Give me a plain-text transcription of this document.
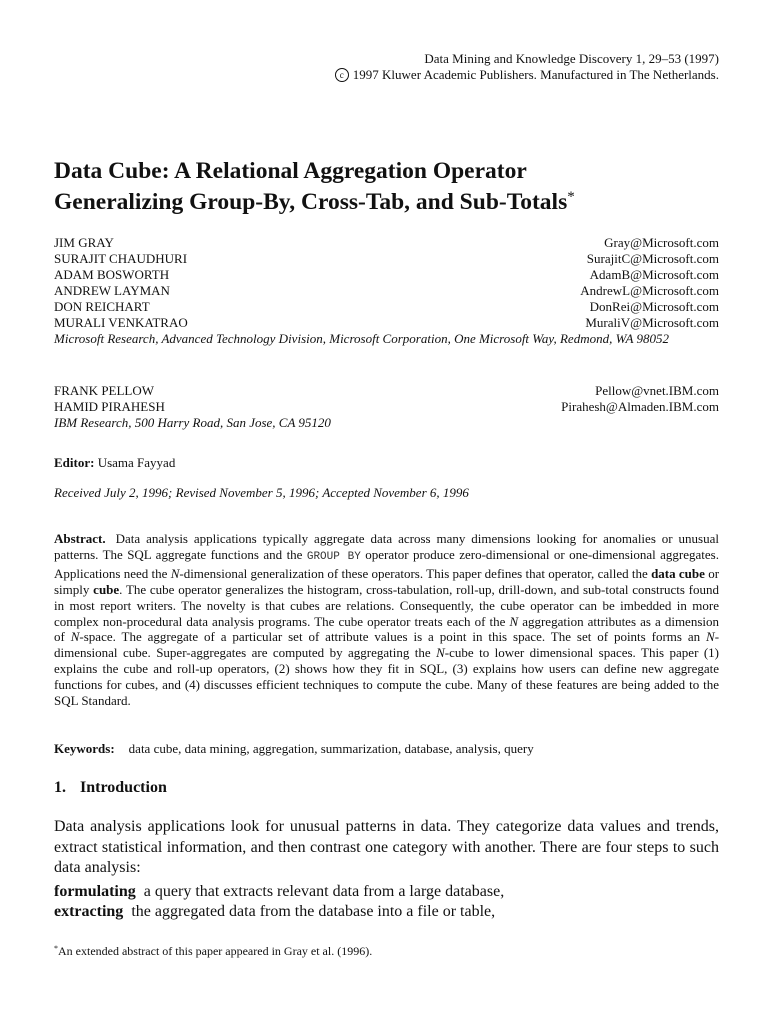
Data Mining and Knowledge Discovery 1, 29–53 (1997)
c 1997 Kluwer Academic Publishers. Manufactured in The Netherlands.
Data Cube: A Relational Aggregation Operator
Generalizing Group-By, Cross-Tab, and Sub-Totals*
JIM GRAY	Gray@Microsoft.com
SURAJIT CHAUDHURI	SurajitC@Microsoft.com
ADAM BOSWORTH	AdamB@Microsoft.com
ANDREW LAYMAN	AndrewL@Microsoft.com
DON REICHART	DonRei@Microsoft.com
MURALI VENKATRAO	MuraliV@Microsoft.com
Microsoft Research, Advanced Technology Division, Microsoft Corporation, One Microsoft Way, Redmond, WA 98052
FRANK PELLOW	Pellow@vnet.IBM.com
HAMID PIRAHESH	Pirahesh@Almaden.IBM.com
IBM Research, 500 Harry Road, San Jose, CA 95120
Editor: Usama Fayyad
Received July 2, 1996; Revised November 5, 1996; Accepted November 6, 1996
Abstract. Data analysis applications typically aggregate data across many dimensions looking for anomalies or unusual patterns. The SQL aggregate functions and the GROUP BY operator produce zero-dimensional or one-dimensional aggregates. Applications need the N-dimensional generalization of these operators. This paper defines that operator, called the data cube or simply cube. The cube operator generalizes the histogram, cross-tabulation, roll-up, drill-down, and sub-total constructs found in most report writers. The novelty is that cubes are relations. Consequently, the cube operator can be imbedded in more complex non-procedural data analysis programs. The cube operator treats each of the N aggregation attributes as a dimension of N-space. The aggregate of a particular set of attribute values is a point in this space. The set of points forms an N-dimensional cube. Super-aggregates are computed by aggregating the N-cube to lower dimensional spaces. This paper (1) explains the cube and roll-up operators, (2) shows how they fit in SQL, (3) explains how users can define new aggregate functions for cubes, and (4) discusses efficient techniques to compute the cube. Many of these features are being added to the SQL Standard.
Keywords: data cube, data mining, aggregation, summarization, database, analysis, query
1. Introduction
Data analysis applications look for unusual patterns in data. They categorize data values and trends, extract statistical information, and then contrast one category with another. There are four steps to such data analysis:
formulating a query that extracts relevant data from a large database,
extracting the aggregated data from the database into a file or table,
*An extended abstract of this paper appeared in Gray et al. (1996).
